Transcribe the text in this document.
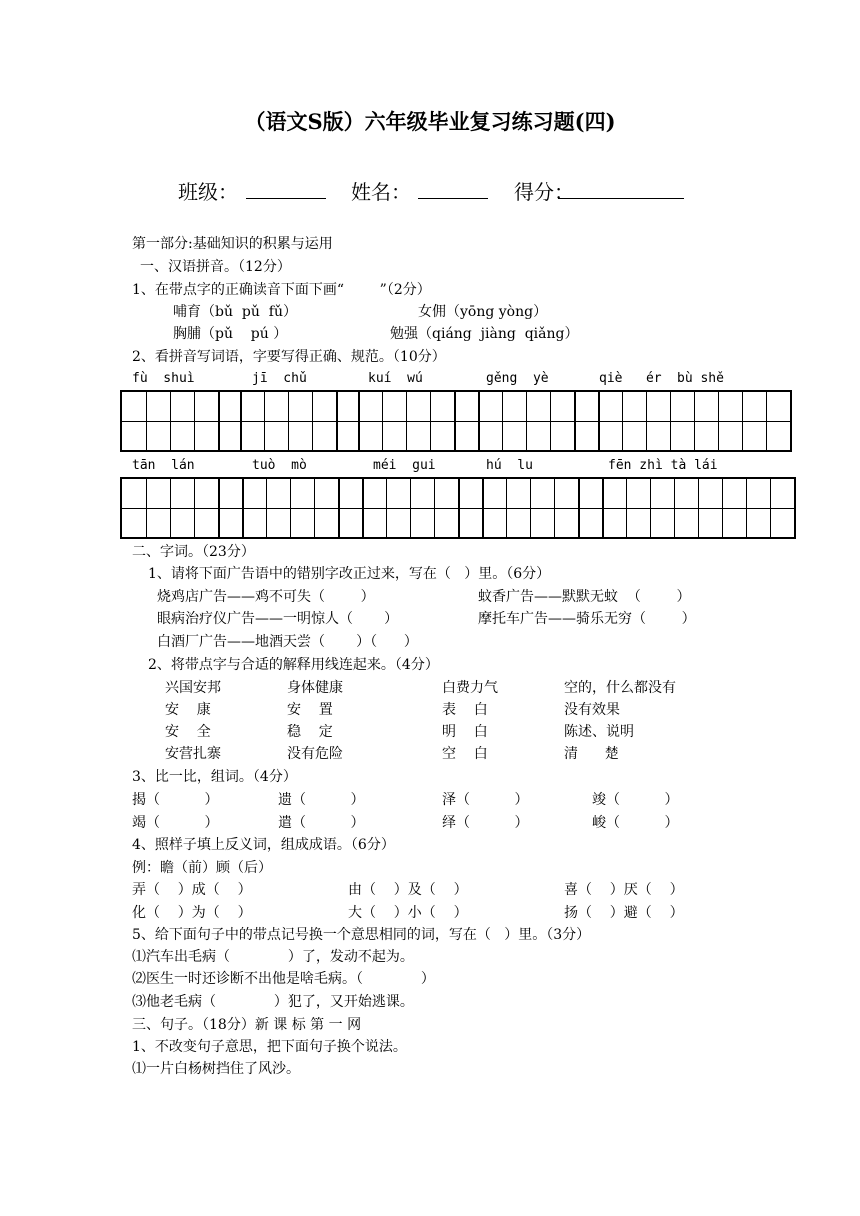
（语文S版）六年级毕业复习练习题(四)
班级：	姓名：	得分：
第一部分:基础知识的积累与运用
一、汉语拼音。（12分）
1、在带点字的正确读音下面下画“        ”（2分）
哺育（bǔ  pǔ  fǔ）	女佣（yōng yòng）
胸脯（pǔ    pú ）	勉强（qiáng  jiàng  qiǎng）
2、看拼音写词语，字要写得正确、规范。（10分）
fù  shuì	jī  chǔ	kuí  wú	gěng  yè	qiè   ér bù shě
tān  lán	tuò  mò	méi  gui	hú  lu	fēn zhì tà lái
二、字词。（23分）
1、请将下面广告语中的错别字改正过来，写在（   ）里。（6分）
烧鸡店广告——鸡不可失（        ）	蚊香广告——默默无蚊  （        ）
眼病治疗仪广告——一明惊人（       ）	摩托车广告——骑乐无穷（        ）
白酒厂广告——地酒天尝（       ）（      ）
2、将带点字与合适的解释用线连起来。（4分）
兴国安邦	身体健康	白费力气	空的，什么都没有
安    康	安    置	表    白	没有效果
安    全	稳    定	明    白	陈述、说明
安营扎寨	没有危险	空    白	清      楚
3、比一比，组词。（4分）
揭（          ）	遗（          ）	泽（          ）	竣（          ）
竭（          ）	遣（          ）	绎（          ）	峻（          ）
4、照样子填上反义词，组成成语。（6分）
例：瞻（前）顾（后）
弄（    ）成（    ）	由（    ）及（    ）	喜（    ）厌（    ）
化（    ）为（    ）	大（    ）小（    ）	扬（    ）避（    ）
5、给下面句子中的带点记号换一个意思相同的词，写在（   ）里。（3分）
⑴汽车出毛病（             ）了，发动不起为。
⑵医生一时还诊断不出他是啥毛病。（             ）
⑶他老毛病（             ）犯了，又开始逃课。
三、句子。（18分）新 课 标 第 一 网
1、不改变句子意思，把下面句子换个说法。
⑴一片白杨树挡住了风沙。
